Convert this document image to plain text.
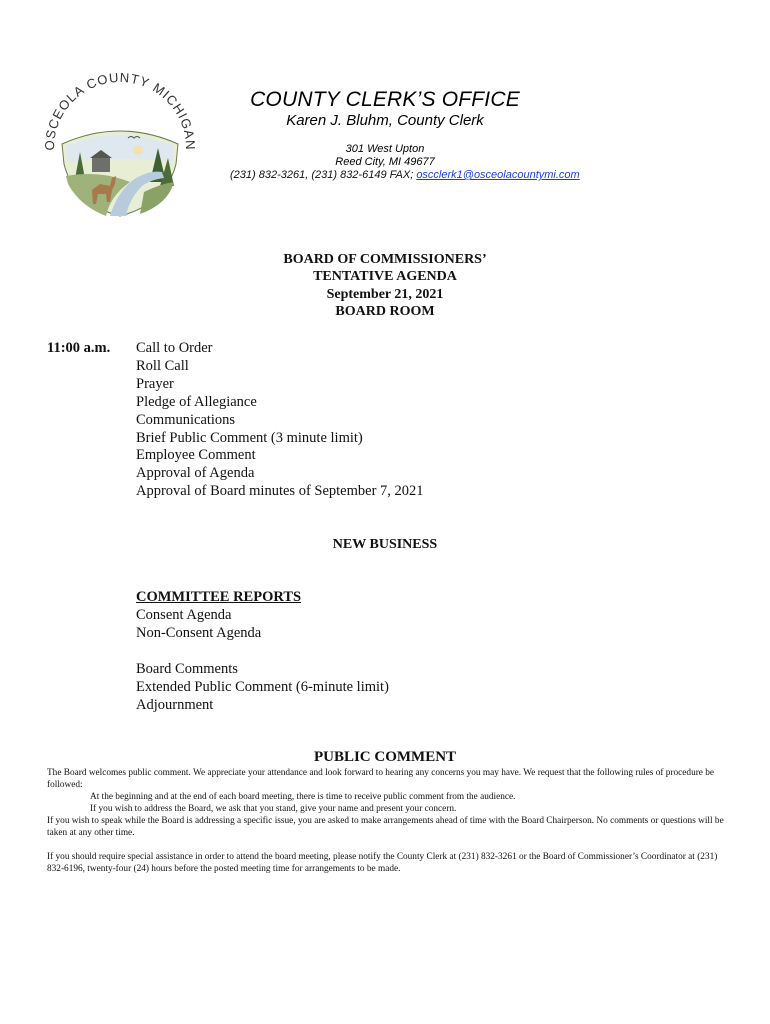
OSCEOLA COUNTY MICHIGAN
COUNTY CLERK’S OFFICE
Karen J. Bluhm, County Clerk
301 West Upton
Reed City, MI 49677
(231) 832-3261, (231) 832-6149 FAX; oscclerk1@osceolacountymi.com
BOARD OF COMMISSIONERS’
TENTATIVE AGENDA
September 21, 2021
BOARD ROOM
11:00 a.m. Call to Order
Roll Call
Prayer
Pledge of Allegiance
Communications
Brief Public Comment (3 minute limit)
Employee Comment
Approval of Agenda
Approval of Board minutes of September 7, 2021
NEW BUSINESS
COMMITTEE REPORTS
Consent Agenda
Non-Consent Agenda
Board Comments
Extended Public Comment (6-minute limit)
Adjournment
PUBLIC COMMENT
The Board welcomes public comment. We appreciate your attendance and look forward to hearing any concerns you may have. We request that the following rules of procedure be followed:
At the beginning and at the end of each board meeting, there is time to receive public comment from the audience.
If you wish to address the Board, we ask that you stand, give your name and present your concern.
If you wish to speak while the Board is addressing a specific issue, you are asked to make arrangements ahead of time with the Board Chairperson. No comments or questions will be taken at any other time.
If you should require special assistance in order to attend the board meeting, please notify the County Clerk at (231) 832-3261 or the Board of Commissioner’s Coordinator at (231) 832-6196, twenty-four (24) hours before the posted meeting time for arrangements to be made.
